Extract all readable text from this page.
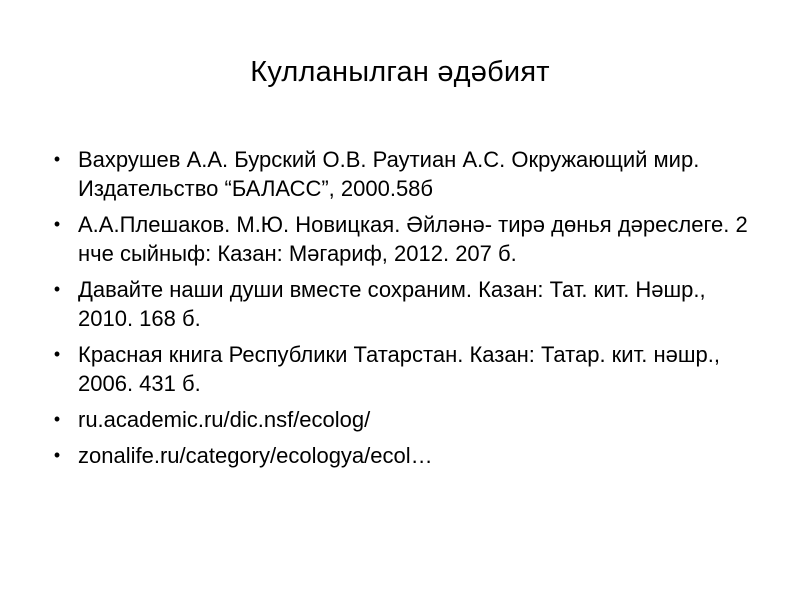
Кулланылган әдәбият
• Вахрушев А.А. Бурский О.В. Раутиан А.С. Окружающий мир. Издательство “БАЛАСС”, 2000.58б
• А.А.Плешаков. М.Ю. Новицкая. Әйләнә- тирә дөнья дәреслеге. 2 нче сыйныф: Казан: Мәгариф, 2012. 207 б.
• Давайте наши души вместе сохраним. Казан: Тат. кит. Нәшр., 2010. 168 б.
• Красная книга Республики Татарстан. Казан: Татар. кит. нәшр., 2006. 431 б.
• ru.academic.ru/dic.nsf/ecolog/
• zonalife.ru/category/ecologya/ecol…
